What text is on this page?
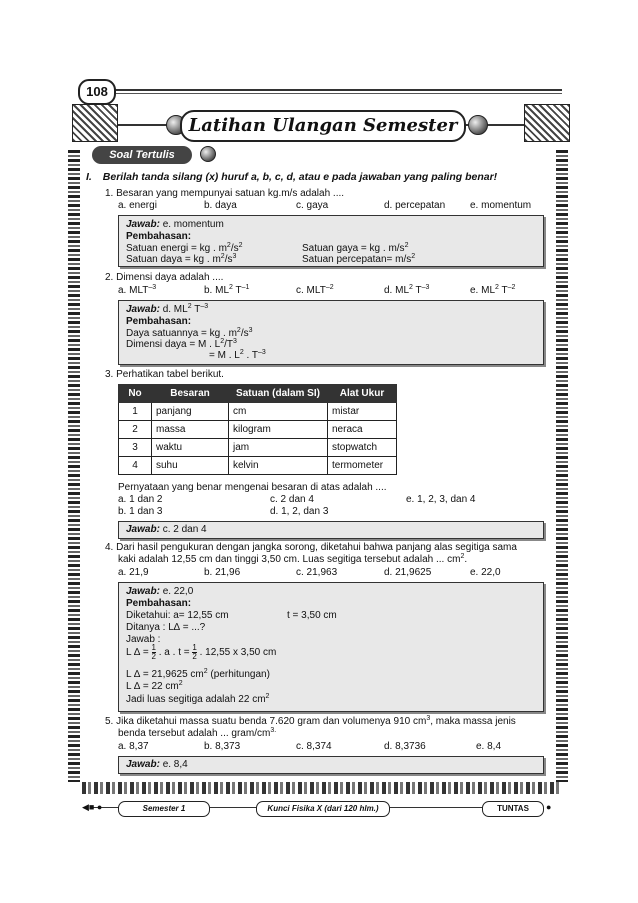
108
Latihan Ulangan Semester
Soal Tertulis
I. Berilah tanda silang (x) huruf a, b, c, d, atau e pada jawaban yang paling benar!
1. Besaran yang mempunyai satuan kg.m/s adalah ....
a. energi	b. daya	c. gaya	d. percepatan e. momentum
Jawab: e. momentum
Pembahasan:
Satuan energi = kg . $m^2/s^2$	Satuan gaya = kg . $m/s^2$
Satuan daya = kg . $m^2/s^3$	Satuan percepatan= $m/s^2$
2. Dimensi daya adalah ....
a. $MLT^{-3}$	b. $ML^2$ $T^{-1}$	c. $MLT^{-2}$	d. $ML^2$ $T^{-3}$	e. $ML^2$ $T^{-2}$
Jawab: d. $ML^2$ $T^{-3}$
Pembahasan:
Daya satuannya = kg . $m^2/s^3$
Dimensi daya = M . $L^2/T^3$
= M . $L^2$ . $T^{-3}$
3. Perhatikan tabel berikut.
No	Besaran	Satuan (dalam SI)	Alat Ukur
1	panjang	cm	mistar
2	massa	kilogram	neraca
3	waktu	jam	stopwatch
4	suhu	kelvin	termometer
Pernyataan yang benar mengenai besaran di atas adalah ....
a. 1 dan 2	c. 2 dan 4	e. 1, 2, 3, dan 4
b. 1 dan 3	d. 1, 2, dan 3
Jawab: c. 2 dan 4
4. Dari hasil pengukuran dengan jangka sorong, diketahui bahwa panjang alas segitiga sama
kaki adalah 12,55 cm dan tinggi 3,50 cm. Luas segitiga tersebut adalah ... $cm^2$.
a. 21,9	b. 21,96	c. 21,963	d. 21,9625	e. 22,0
Jawab: e. 22,0
Pembahasan:
Diketahui: a= 12,55 cm	t = 3,50 cm
Ditanya : L∆ = ...?
Jawab :
L ∆ = $\frac{1}{2}$ . a . $t = \frac{1}{2}$ . 12,55 x 3,50 cm
L ∆ = 21,9625 $cm^2$ (perhitungan)
L ∆ = 22 $cm^2$
Jadi luas segitiga adalah 22 $cm^2$
5. Jika diketahui massa suatu benda 7.620 gram dan volumenya 910 $cm^3$, maka massa jenis
benda tersebut adalah ... gram/$cm^{3.}$
a. 8,37	b. 8,373	c. 8,374	d. 8,3736	e. 8,4
Jawab: e. 8,4
◀■ ●	Semester 1	Kunci Fisika X (dari 120 hlm.)	TUNTAS	●
